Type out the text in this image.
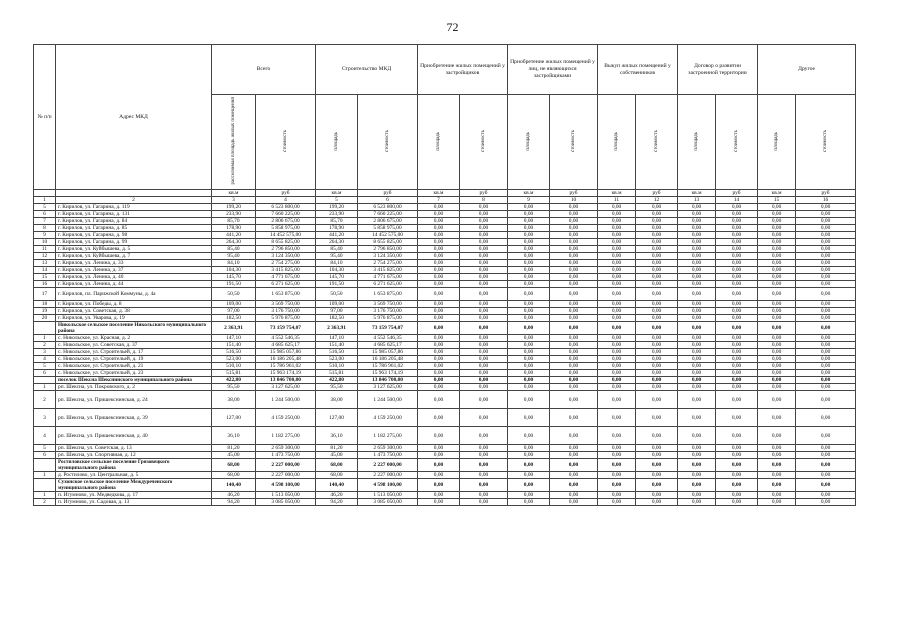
72
№ п/п	Адрес МКД	Всего		Строительство МКД		Приобретение жилых помещений у застройщиков		Приобретение жилых помещений у лиц, не являющихся застройщиками		Выкуп жилых помещений у собственников		Договор о развитии застроенной территории		Другое	
		расселяемая площадь жилых помещений	стоимость	площадь	стоимость	площадь	стоимость	площадь	стоимость	площадь	стоимость	площадь	стоимость	площадь	стоимость
		кв.м	руб	кв.м	руб	кв.м	руб	кв.м	руб	кв.м	руб	кв.м	руб	кв.м	руб
1	2	3	4	5	6	7	8	9	10	11	12	13	14	15	16
5	г. Кирилов, ул. Гагарина, д. 119	199,20	6 523 800,00	199,20	6 523 800,00	0,00	0,00	0,00	0,00	0,00	0,00	0,00	0,00	0,00	0,00
6	г. Кирилов, ул. Гагарина, д. 131	233,90	7 660 225,00	233,90	7 660 225,00	0,00	0,00	0,00	0,00	0,00	0,00	0,00	0,00	0,00	0,00
7	г. Кирилов, ул. Гагарина, д. 84	85,70	2 806 675,00	85,70	2 806 675,00	0,00	0,00	0,00	0,00	0,00	0,00	0,00	0,00	0,00	0,00
8	г. Кирилов, ул. Гагарина, д. 85	178,90	5 858 975,00	178,90	5 858 975,00	0,00	0,00	0,00	0,00	0,00	0,00	0,00	0,00	0,00	0,00
9	г. Кирилов, ул. Гагарина, д. 98	441,20	14 452 575,00	441,20	14 452 575,00	0,00	0,00	0,00	0,00	0,00	0,00	0,00	0,00	0,00	0,00
10	г. Кирилов, ул. Гагарина, д. 99	264,30	8 655 825,00	264,30	8 655 825,00	0,00	0,00	0,00	0,00	0,00	0,00	0,00	0,00	0,00	0,00
11	г. Кирилов, ул. Куйбышева, д. 5	85,40	2 796 850,00	85,40	2 796 850,00	0,00	0,00	0,00	0,00	0,00	0,00	0,00	0,00	0,00	0,00
12	г. Кирилов, ул. Куйбышева, д. 7	95,40	3 124 350,00	95,40	3 124 350,00	0,00	0,00	0,00	0,00	0,00	0,00	0,00	0,00	0,00	0,00
13	г. Кирилов, ул. Ленина, д. 33	84,10	2 754 275,00	84,10	2 754 275,00	0,00	0,00	0,00	0,00	0,00	0,00	0,00	0,00	0,00	0,00
14	г. Кирилов, ул. Ленина, д. 37	104,30	3 415 825,00	104,30	3 415 825,00	0,00	0,00	0,00	0,00	0,00	0,00	0,00	0,00	0,00	0,00
15	г. Кирилов, ул. Ленина, д. 40	145,70	4 771 675,00	145,70	4 771 675,00	0,00	0,00	0,00	0,00	0,00	0,00	0,00	0,00	0,00	0,00
16	г. Кирилов, ул. Ленина, д. 44	191,50	6 271 625,00	191,50	6 271 625,00	0,00	0,00	0,00	0,00	0,00	0,00	0,00	0,00	0,00	0,00
17	г. Кирилов, пл. Парижской Коммуны, д. 4а	50,50	1 653 875,00	50,50	1 653 875,00	0,00	0,00	0,00	0,00	0,00	0,00	0,00	0,00	0,00	0,00
18	г. Кирилов, ул. Победы, д. 8	109,00	3 569 750,00	109,00	3 569 750,00	0,00	0,00	0,00	0,00	0,00	0,00	0,00	0,00	0,00	0,00
19	г. Кирилов, ул. Советская, д. 38	97,00	3 176 750,00	97,00	3 176 750,00	0,00	0,00	0,00	0,00	0,00	0,00	0,00	0,00	0,00	0,00
20	г. Кирилов, ул. Уварова, д. 19	182,50	5 976 875,00	182,50	5 976 875,00	0,00	0,00	0,00	0,00	0,00	0,00	0,00	0,00	0,00	0,00
	Никольское сельское поселение Никольского муниципального района	2 363,91	73 159 754,07	2 363,91	73 159 754,07	0,00	0,00	0,00	0,00	0,00	0,00	0,00	0,00	0,00	0,00
1	с. Никольское, ул. Красная, д. 2	147,10	4 552 546,35	147,10	4 552 546,35	0,00	0,00	0,00	0,00	0,00	0,00	0,00	0,00	0,00	0,00
2	с. Никольское, ул. Советская, д. 37	151,40	4 685 625,17	151,40	4 685 625,17	0,00	0,00	0,00	0,00	0,00	0,00	0,00	0,00	0,00	0,00
3	с. Никольское, ул. Строительей, д. 17	516,50	15 985 057,86	516,50	15 985 057,86	0,00	0,00	0,00	0,00	0,00	0,00	0,00	0,00	0,00	0,00
4	с. Никольское, ул. Строительей, д. 19	523,00	16 186 205,48	523,00	16 186 205,48	0,00	0,00	0,00	0,00	0,00	0,00	0,00	0,00	0,00	0,00
5	с. Никольское, ул. Строительей, д. 21	510,10	15 786 961,02	510,10	15 786 961,02	0,00	0,00	0,00	0,00	0,00	0,00	0,00	0,00	0,00	0,00
6	с. Никольское, ул. Строительей, д. 23	515,81	15 963 174,19	515,81	15 963 174,19	0,00	0,00	0,00	0,00	0,00	0,00	0,00	0,00	0,00	0,00
	поселок Шексна Шекснинского муниципального района	422,80	13 846 700,00	422,80	13 846 700,00	0,00	0,00	0,00	0,00	0,00	0,00	0,00	0,00	0,00	0,00
1	рп. Шексна, ул. Покровского, д. 2	95,50	3 127 625,00	95,50	3 127 625,00	0,00	0,00	0,00	0,00	0,00	0,00	0,00	0,00	0,00	0,00
2	рп. Шексна, ул. Пришекснинская, д. 24	38,00	1 244 500,00	38,00	1 244 500,00	0,00	0,00	0,00	0,00	0,00	0,00	0,00	0,00	0,00	0,00
3	рп. Шексна, ул. Пришекснинская, д. 39	127,00	4 159 250,00	127,00	4 159 250,00	0,00	0,00	0,00	0,00	0,00	0,00	0,00	0,00	0,00	0,00
4	рп. Шексна, ул. Пришекснинская, д. 40	36,10	1 182 275,00	36,10	1 182 275,00	0,00	0,00	0,00	0,00	0,00	0,00	0,00	0,00	0,00	0,00
5	рп. Шексна, ул. Советская, д. 13	81,20	2 659 300,00	81,20	2 659 300,00	0,00	0,00	0,00	0,00	0,00	0,00	0,00	0,00	0,00	0,00
6	рп. Шексна, ул. Спортивная, д. 12	45,00	1 473 750,00	45,00	1 473 750,00	0,00	0,00	0,00	0,00	0,00	0,00	0,00	0,00	0,00	0,00
	Ростиловское сельское поселение Грязовецкого муниципального района	68,00	2 227 000,00	68,00	2 227 000,00	0,00	0,00	0,00	0,00	0,00	0,00	0,00	0,00	0,00	0,00
1	д. Ростилово, ул. Центральная, д. 5	68,00	2 227 000,00	68,00	2 227 000,00	0,00	0,00	0,00	0,00	0,00	0,00	0,00	0,00	0,00	0,00
	Сухонское сельское поселение Междуреченского муниципального района	140,40	4 598 100,00	140,40	4 598 100,00	0,00	0,00	0,00	0,00	0,00	0,00	0,00	0,00	0,00	0,00
1	п. Игумново, ул. Медведкова, д. 17	46,20	1 513 050,00	46,20	1 513 050,00	0,00	0,00	0,00	0,00	0,00	0,00	0,00	0,00	0,00	0,00
2	п. Игумново, ул. Садовая, д. 13	94,20	3 085 050,00	94,20	3 085 050,00	0,00	0,00	0,00	0,00	0,00	0,00	0,00	0,00	0,00	0,00
